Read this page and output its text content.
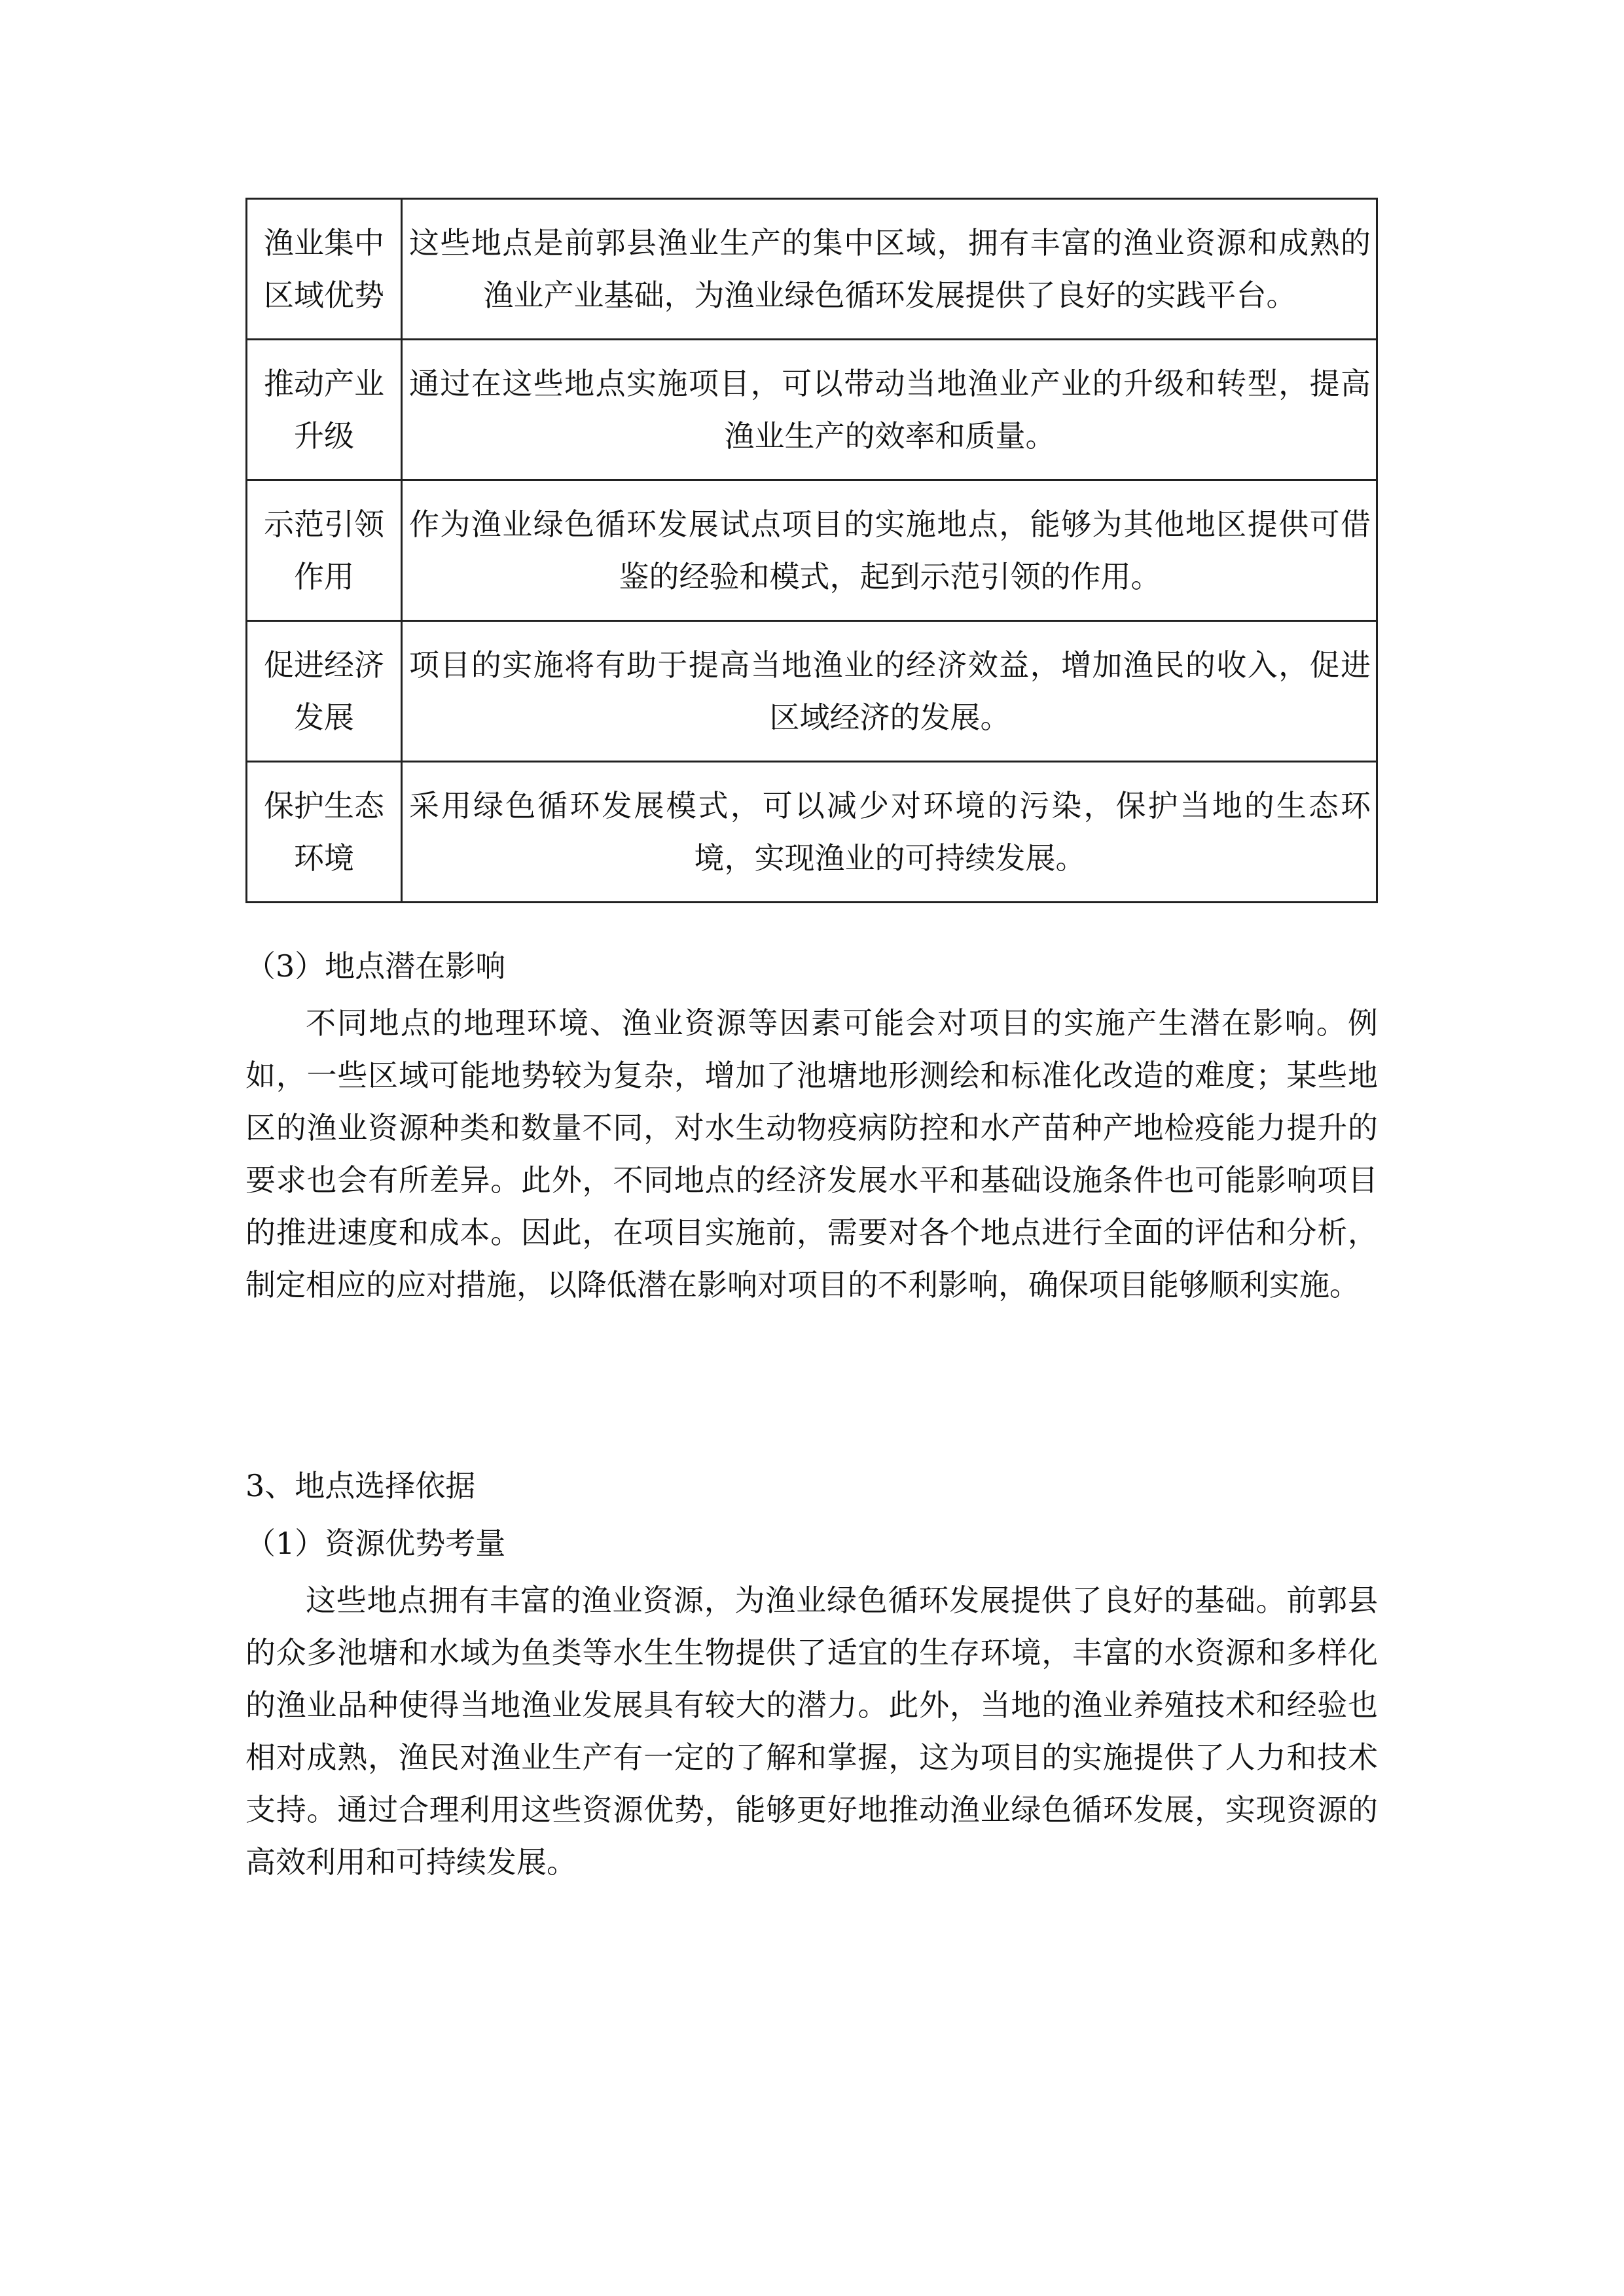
渔业集中区域优势	这些地点是前郭县渔业生产的集中区域，拥有丰富的渔业资源和成熟的渔业产业基础，为渔业绿色循环发展提供了良好的实践平台。
推动产业升级	通过在这些地点实施项目，可以带动当地渔业产业的升级和转型，提高渔业生产的效率和质量。
示范引领作用	作为渔业绿色循环发展试点项目的实施地点，能够为其他地区提供可借鉴的经验和模式，起到示范引领的作用。
促进经济发展	项目的实施将有助于提高当地渔业的经济效益，增加渔民的收入，促进区域经济的发展。
保护生态环境	采用绿色循环发展模式，可以减少对环境的污染，保护当地的生态环境，实现渔业的可持续发展。

（3）地点潜在影响

不同地点的地理环境、渔业资源等因素可能会对项目的实施产生潜在影响。例如，一些区域可能地势较为复杂，增加了池塘地形测绘和标准化改造的难度；某些地区的渔业资源种类和数量不同，对水生动物疫病防控和水产苗种产地检疫能力提升的要求也会有所差异。此外，不同地点的经济发展水平和基础设施条件也可能影响项目的推进速度和成本。因此，在项目实施前，需要对各个地点进行全面的评估和分析，制定相应的应对措施，以降低潜在影响对项目的不利影响，确保项目能够顺利实施。

3、地点选择依据

（1）资源优势考量

这些地点拥有丰富的渔业资源，为渔业绿色循环发展提供了良好的基础。前郭县的众多池塘和水域为鱼类等水生生物提供了适宜的生存环境，丰富的水资源和多样化的渔业品种使得当地渔业发展具有较大的潜力。此外，当地的渔业养殖技术和经验也相对成熟，渔民对渔业生产有一定的了解和掌握，这为项目的实施提供了人力和技术支持。通过合理利用这些资源优势，能够更好地推动渔业绿色循环发展，实现资源的高效利用和可持续发展。
